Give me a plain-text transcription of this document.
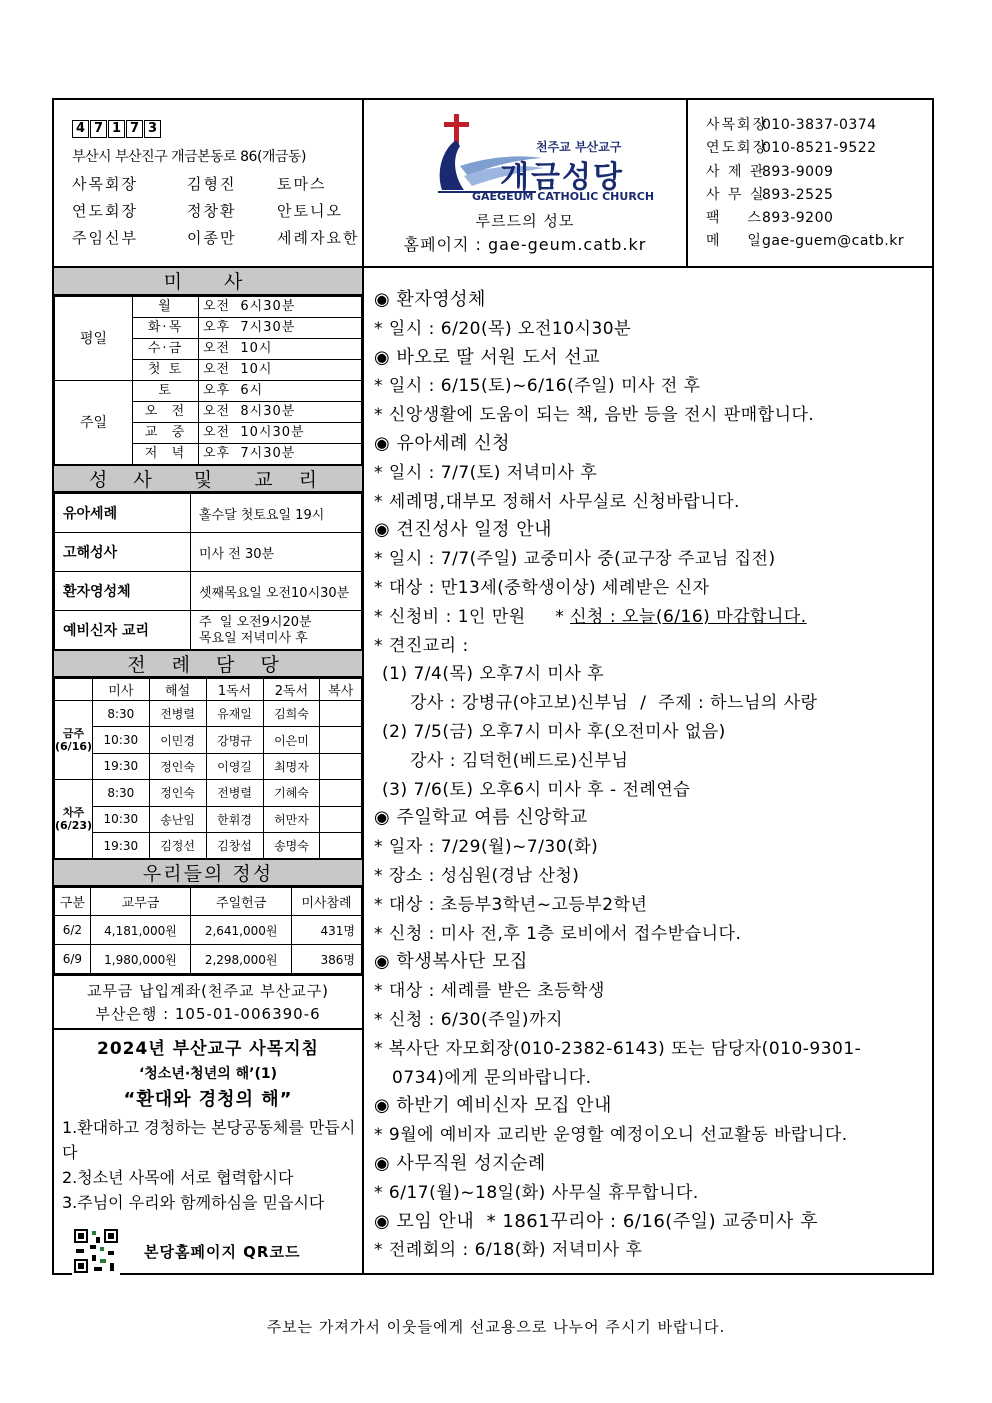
4 7 1 7 3
부산시 부산진구 개금본동로 86(개금동)
사목회장	김형진	토마스
연도회장	정창환	안토니오
주임신부	이종만	세례자요한
천주교 부산교구
개금성당
GAEGEUM CATHOLIC CHURCH
루르드의 성모
홈페이지 : gae-geum.catb.kr
사목회장
010-3837-0374
연도회장
010-8521-9522
사 제 관
893-9009
사 무 실
893-2525
팩    스 893-9200
메    일 gae-guem@catb.kr
미  사
평일	월	오전  6시30분
	화·목	오후  7시30분
	수·금	오전  10시
	첫 토	오전  10시
주일	토	오후  6시
	오  전	오전  8시30분
	교  중	오전  10시30분
	저  녁	오후  7시30분
성 사  및  교 리
유아세례	홀수달 첫토요일 19시
고해성사	미사 전 30분
환자영성체	셋째목요일 오전10시30분
예비신자 교리	주  일 오전9시20분
목요일 저녁미사 후
전 례 담 당
	미사	해설	1독서	2독서	복사
금주(6/16)	8:30	전병렬	유재일	김희숙	
	10:30	이민경	강명규	이은미	
	19:30	정인숙	이영길	최명자	
차주(6/23)	8:30	정인숙	전병렬	기혜숙	
	10:30	송난임	한휘경	허만자	
	19:30	김정선	김창섭	송명숙	
우리들의 정성
구분	교무금	주일헌금	미사참례
6/2	4,181,000원	2,641,000원	431명
6/9	1,980,000원	2,298,000원	386명
교무금 납입계좌(천주교 부산교구)
부산은행 : 105-01-006390-6
2024년 부산교구 사목지침
‘청소년·청년의 해’(1)
“환대와 경청의 해”
1.환대하고 경청하는 본당공동체를 만듭시다
2.청소년 사목에 서로 협력합시다
3.주님이 우리와 함께하심을 믿읍시다
본당홈페이지 QR코드
◉ 환자영성체
* 일시 : 6/20(목) 오전10시30분
◉ 바오로 딸 서원 도서 선교
* 일시 : 6/15(토)~6/16(주일) 미사 전 후
* 신앙생활에 도움이 되는 책, 음반 등을 전시 판매합니다.
◉ 유아세례 신청
* 일시 : 7/7(토) 저녁미사 후
* 세례명,대부모 정해서 사무실로 신청바랍니다.
◉ 견진성사 일정 안내
* 일시 : 7/7(주일) 교중미사 중(교구장 주교님 집전)
* 대상 : 만13세(중학생이상) 세례받은 신자
* 신청비 : 1인 만원     * 신청 : 오늘(6/16) 마감합니다.
* 견진교리 :
(1) 7/4(목) 오후7시 미사 후
강사 : 강병규(야고보)신부님  /  주제 : 하느님의 사랑
(2) 7/5(금) 오후7시 미사 후(오전미사 없음)
강사 : 김덕헌(베드로)신부님
(3) 7/6(토) 오후6시 미사 후 - 전례연습
◉ 주일학교 여름 신앙학교
* 일자 : 7/29(월)~7/30(화)
* 장소 : 성심원(경남 산청)
* 대상 : 초등부3학년~고등부2학년
* 신청 : 미사 전,후 1층 로비에서 접수받습니다.
◉ 학생복사단 모집
* 대상 : 세례를 받은 초등학생
* 신청 : 6/30(주일)까지
* 복사단 자모회장(010-2382-6143) 또는 담당자(010-9301-
0734)에게 문의바랍니다.
◉ 하반기 예비신자 모집 안내
* 9월에 예비자 교리반 운영할 예정이오니 선교활동 바랍니다.
◉ 사무직원 성지순례
* 6/17(월)~18일(화) 사무실 휴무합니다.
◉ 모임 안내  * 1861꾸리아 : 6/16(주일) 교중미사 후
* 전례회의 : 6/18(화) 저녁미사 후
주보는 가져가서 이웃들에게 선교용으로 나누어 주시기 바랍니다.
